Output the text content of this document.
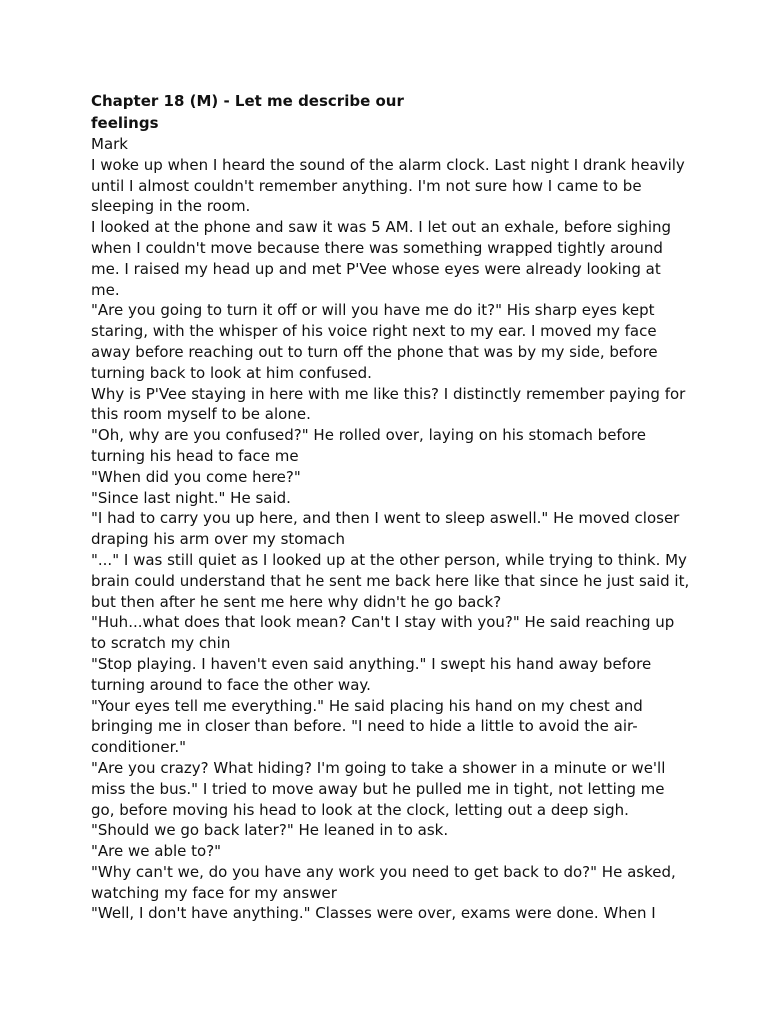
Chapter 18 (M) - Let me describe our
feelings

Mark

I woke up when I heard the sound of the alarm clock. Last night I drank heavily until I almost couldn't remember anything. I'm not sure how I came to be sleeping in the room.

I looked at the phone and saw it was 5 AM. I let out an exhale, before sighing when I couldn't move because there was something wrapped tightly around me. I raised my head up and met P'Vee whose eyes were already looking at me.

"Are you going to turn it off or will you have me do it?" His sharp eyes kept staring, with the whisper of his voice right next to my ear. I moved my face away before reaching out to turn off the phone that was by my side, before turning back to look at him confused.

Why is P'Vee staying in here with me like this? I distinctly remember paying for this room myself to be alone.

"Oh, why are you confused?" He rolled over, laying on his stomach before turning his head to face me

"When did you come here?"

"Since last night." He said.

"I had to carry you up here, and then I went to sleep aswell." He moved closer draping his arm over my stomach

"..." I was still quiet as I looked up at the other person, while trying to think. My brain could understand that he sent me back here like that since he just said it, but then after he sent me here why didn't he go back?

"Huh...what does that look mean? Can't I stay with you?" He said reaching up to scratch my chin

"Stop playing. I haven't even said anything." I swept his hand away before turning around to face the other way.

"Your eyes tell me everything." He said placing his hand on my chest and bringing me in closer than before. "I need to hide a little to avoid the air-conditioner."

"Are you crazy? What hiding? I'm going to take a shower in a minute or we'll miss the bus." I tried to move away but he pulled me in tight, not letting me go, before moving his head to look at the clock, letting out a deep sigh.

"Should we go back later?" He leaned in to ask.

"Are we able to?"

"Why can't we, do you have any work you need to get back to do?" He asked, watching my face for my answer

"Well, I don't have anything." Classes were over, exams were done. When I
